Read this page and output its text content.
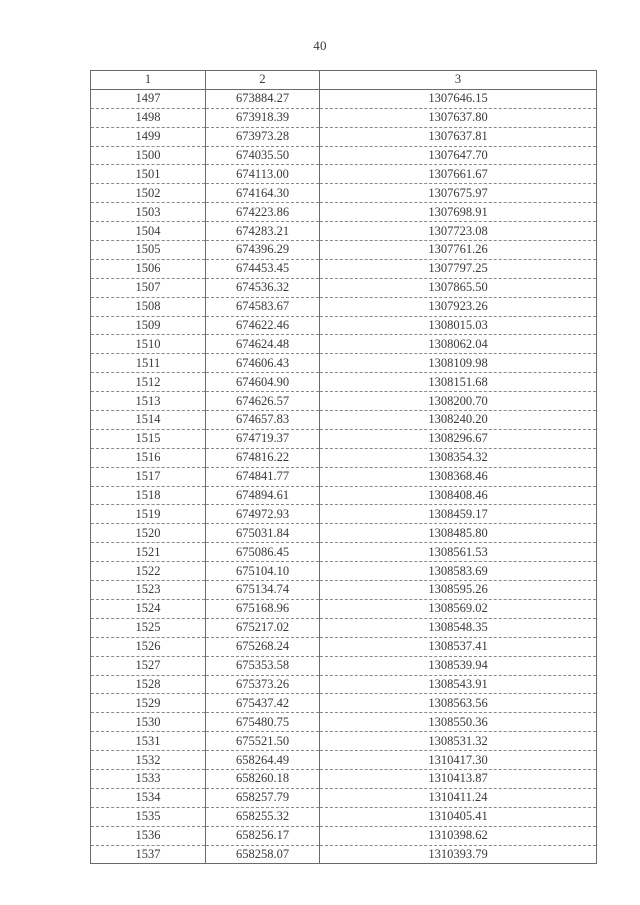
40
1	2	3
1497	673884.27	1307646.15
1498	673918.39	1307637.80
1499	673973.28	1307637.81
1500	674035.50	1307647.70
1501	674113.00	1307661.67
1502	674164.30	1307675.97
1503	674223.86	1307698.91
1504	674283.21	1307723.08
1505	674396.29	1307761.26
1506	674453.45	1307797.25
1507	674536.32	1307865.50
1508	674583.67	1307923.26
1509	674622.46	1308015.03
1510	674624.48	1308062.04
1511	674606.43	1308109.98
1512	674604.90	1308151.68
1513	674626.57	1308200.70
1514	674657.83	1308240.20
1515	674719.37	1308296.67
1516	674816.22	1308354.32
1517	674841.77	1308368.46
1518	674894.61	1308408.46
1519	674972.93	1308459.17
1520	675031.84	1308485.80
1521	675086.45	1308561.53
1522	675104.10	1308583.69
1523	675134.74	1308595.26
1524	675168.96	1308569.02
1525	675217.02	1308548.35
1526	675268.24	1308537.41
1527	675353.58	1308539.94
1528	675373.26	1308543.91
1529	675437.42	1308563.56
1530	675480.75	1308550.36
1531	675521.50	1308531.32
1532	658264.49	1310417.30
1533	658260.18	1310413.87
1534	658257.79	1310411.24
1535	658255.32	1310405.41
1536	658256.17	1310398.62
1537	658258.07	1310393.79
